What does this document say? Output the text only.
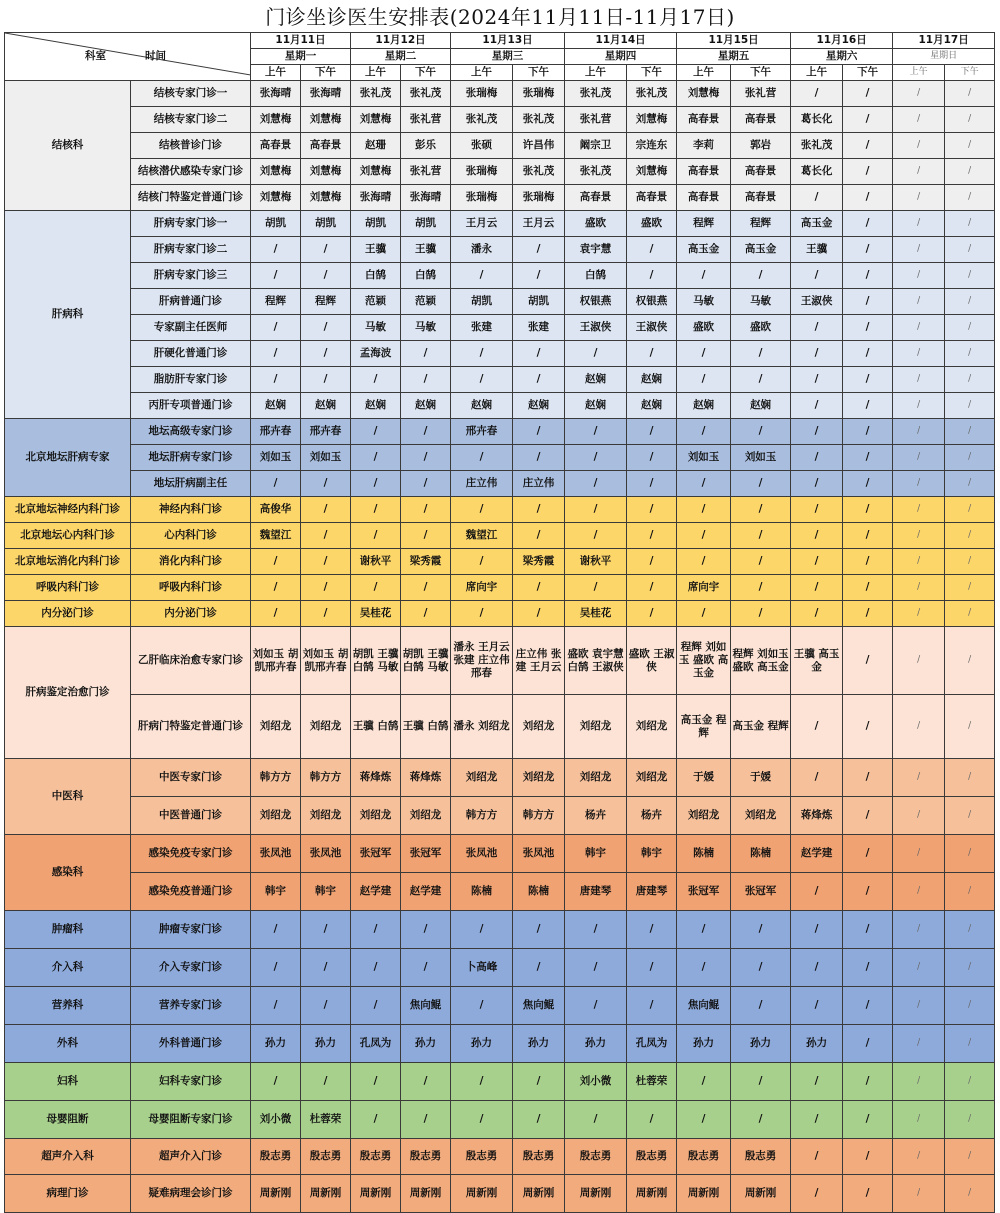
门诊坐诊医生安排表(2024年11月11日-11月17日)
科室 时间		11月11日		11月12日		11月13日		11月14日		11月15日		11月16日		11月17日	
		星期一		星期二		星期三		星期四		星期五		星期六		星期日	
		上午	下午	上午	下午	上午	下午	上午	下午	上午	下午	上午	下午	上午	下午
结核科	结核专家门诊一	张海晴	张海晴	张礼茂	张礼茂	张瑞梅	张瑞梅	张礼茂	张礼茂	刘慧梅	张礼营	/	/	/	/
	结核专家门诊二	刘慧梅	刘慧梅	刘慧梅	张礼营	张礼茂	张礼茂	张礼营	刘慧梅	高春景	高春景	葛长化	/	/	/
	结核普诊门诊	高春景	高春景	赵珊	彭乐	张硕	许昌伟	阚宗卫	宗连东	李莉	郭岩	张礼茂	/	/	/
	结核潜伏感染专家门诊	刘慧梅	刘慧梅	刘慧梅	张礼营	张瑞梅	张礼茂	张礼茂	刘慧梅	高春景	高春景	葛长化	/	/	/
	结核门特鉴定普通门诊	刘慧梅	刘慧梅	张海晴	张海晴	张瑞梅	张瑞梅	高春景	高春景	高春景	高春景	/	/	/	/
肝病科	肝病专家门诊一	胡凯	胡凯	胡凯	胡凯	王月云	王月云	盛欧	盛欧	程辉	程辉	高玉金	/	/	/
	肝病专家门诊二	/	/	王骥	王骥	潘永	/	袁宇慧	/	高玉金	高玉金	王骥	/	/	/
	肝病专家门诊三	/	/	白鹄	白鹄	/	/	白鹄	/	/	/	/	/	/	/
	肝病普通门诊	程辉	程辉	范颖	范颖	胡凯	胡凯	权银燕	权银燕	马敏	马敏	王淑侠	/	/	/
	专家副主任医师	/	/	马敏	马敏	张建	张建	王淑侠	王淑侠	盛欧	盛欧	/	/	/	/
	肝硬化普通门诊	/	/	孟海波	/	/	/	/	/	/	/	/	/	/	/
	脂肪肝专家门诊	/	/	/	/	/	/	赵娴	赵娴	/	/	/	/	/	/
	丙肝专项普通门诊	赵娴	赵娴	赵娴	赵娴	赵娴	赵娴	赵娴	赵娴	赵娴	赵娴	/	/	/	/
北京地坛肝病专家	地坛高级专家门诊	邢卉春	邢卉春	/	/	邢卉春	/	/	/	/	/	/	/	/	/
	地坛肝病专家门诊	刘如玉	刘如玉	/	/	/	/	/	/	刘如玉	刘如玉	/	/	/	/
	地坛肝病副主任	/	/	/	/	庄立伟	庄立伟	/	/	/	/	/	/	/	/
北京地坛神经内科门诊	神经内科门诊	高俊华	/	/	/	/	/	/	/	/	/	/	/	/	/
北京地坛心内科门诊	心内科门诊	魏望江	/	/	/	魏望江	/	/	/	/	/	/	/	/	/
北京地坛消化内科门诊	消化内科门诊	/	/	谢秋平	梁秀霞	/	梁秀霞	谢秋平	/	/	/	/	/	/	/
呼吸内科门诊	呼吸内科门诊	/	/	/	/	席向宇	/	/	/	席向宇	/	/	/	/	/
内分泌门诊	内分泌门诊	/	/	吴桂花	/	/	/	吴桂花	/	/	/	/	/	/	/
肝病鉴定治愈门诊	乙肝临床治愈专家门诊	刘如玉 胡凯邢卉春	刘如玉 胡凯邢卉春	胡凯 王骥 白鹄 马敏	胡凯 王骥 白鹄 马敏	潘永 王月云 张建 庄立伟 邢春	庄立伟 张建 王月云	盛欧 袁宇慧 白鹄 王淑侠	盛欧 王淑侠	程辉 刘如玉 盛欧 高玉金	程辉 刘如玉 盛欧 高玉金	王骥 高玉金	/	/	/
	肝病门特鉴定普通门诊	刘绍龙	刘绍龙	王骥 白鹄	王骥 白鹄	潘永 刘绍龙	刘绍龙	刘绍龙	刘绍龙	高玉金 程辉	高玉金 程辉	/	/	/	/
中医科	中医专家门诊	韩方方	韩方方	蒋烽炼	蒋烽炼	刘绍龙	刘绍龙	刘绍龙	刘绍龙	于媛	于媛	/	/	/	/
	中医普通门诊	刘绍龙	刘绍龙	刘绍龙	刘绍龙	韩方方	韩方方	杨卉	杨卉	刘绍龙	刘绍龙	蒋烽炼	/	/	/
感染科	感染免疫专家门诊	张凤池	张凤池	张冠军	张冠军	张凤池	张凤池	韩宇	韩宇	陈楠	陈楠	赵学建	/	/	/
	感染免疫普通门诊	韩宇	韩宇	赵学建	赵学建	陈楠	陈楠	唐建琴	唐建琴	张冠军	张冠军	/	/	/	/
肿瘤科	肿瘤专家门诊	/	/	/	/	/	/	/	/	/	/	/	/	/	/
介入科	介入专家门诊	/	/	/	/	卜高峰	/	/	/	/	/	/	/	/	/
营养科	营养专家门诊	/	/	/	焦向鲲	/	焦向鲲	/	/	焦向鲲	/	/	/	/	/
外科	外科普通门诊	孙力	孙力	孔凤为	孙力	孙力	孙力	孙力	孔凤为	孙力	孙力	孙力	/	/	/
妇科	妇科专家门诊	/	/	/	/	/	/	刘小微	杜蓉荣	/	/	/	/	/	/
母婴阻断	母婴阻断专家门诊	刘小微	杜蓉荣	/	/	/	/	/	/	/	/	/	/	/	/
超声介入科	超声介入门诊	殷志勇	殷志勇	殷志勇	殷志勇	殷志勇	殷志勇	殷志勇	殷志勇	殷志勇	殷志勇	/	/	/	/
病理门诊	疑难病理会诊门诊	周新刚	周新刚	周新刚	周新刚	周新刚	周新刚	周新刚	周新刚	周新刚	周新刚	/	/	/	/
